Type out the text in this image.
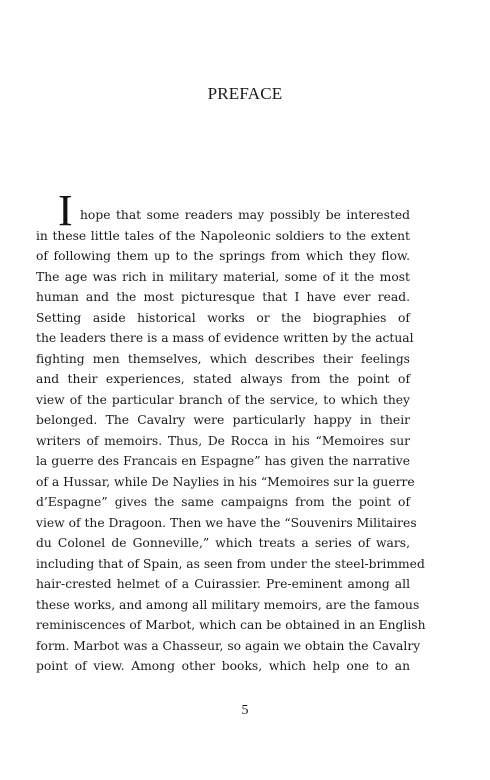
PREFACE
I hope that some readers may possibly be interested
in these little tales of the Napoleonic soldiers to the extent
of following them up to the springs from which they flow.
The age was rich in military material, some of it the most
human and the most picturesque that I have ever read.
Setting aside historical works or the biographies of
the leaders there is a mass of evidence written by the actual
fighting men themselves, which describes their feelings
and their experiences, stated always from the point of
view of the particular branch of the service, to which they
belonged. The Cavalry were particularly happy in their
writers of memoirs. Thus, De Rocca in his “Memoires sur
la guerre des Francais en Espagne” has given the narrative
of a Hussar, while De Naylies in his “Memoires sur la guerre
d’Espagne” gives the same campaigns from the point of
view of the Dragoon. Then we have the “Souvenirs Militaires
du Colonel de Gonneville,” which treats a series of wars,
including that of Spain, as seen from under the steel-brimmed
hair-crested helmet of a Cuirassier. Pre-eminent among all
these works, and among all military memoirs, are the famous
reminiscences of Marbot, which can be obtained in an English
form. Marbot was a Chasseur, so again we obtain the Cavalry
point of view. Among other books, which help one to an
5
